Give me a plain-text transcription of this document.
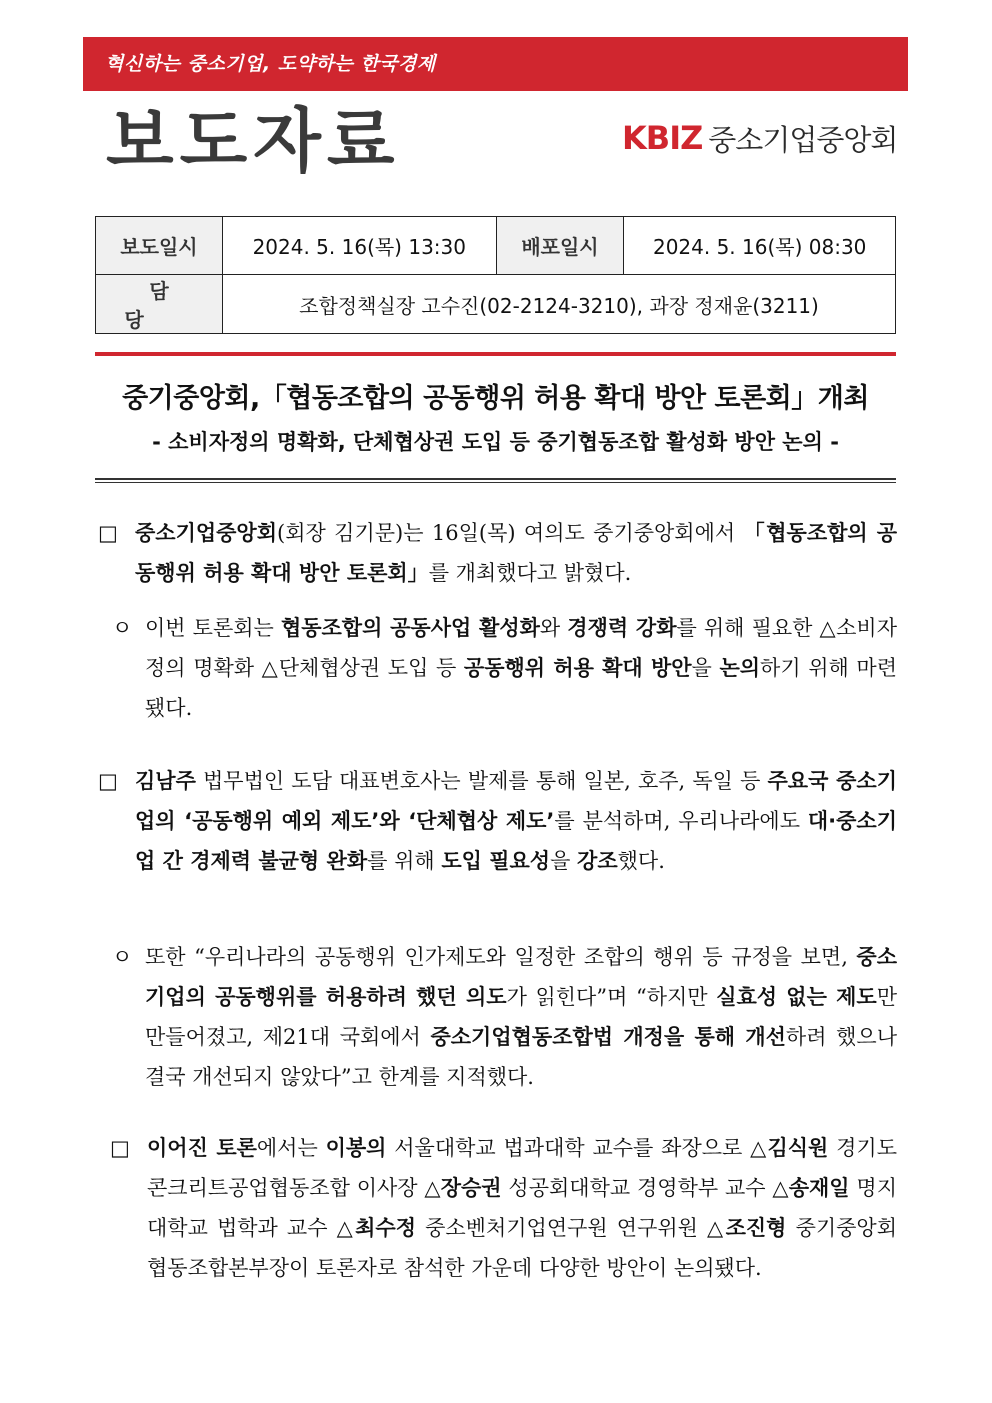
혁신하는 중소기업, 도약하는 한국경제
보도자료	KBIZ 중소기업중앙회
보도일시	2024. 5. 16(목) 13:30	배포일시	2024. 5. 16(목) 08:30
담당	조합정책실장 고수진(02-2124-3210), 과장 정재윤(3211)		
중기중앙회,「협동조합의 공동행위 허용 확대 방안 토론회」개최
- 소비자정의 명확화, 단체협상권 도입 등 중기협동조합 활성화 방안 논의 -
□ 중소기업중앙회(회장 김기문)는 16일(목) 여의도 중기중앙회에서 「협동조합의 공동행위 허용 확대 방안 토론회」를 개최했다고 밝혔다.
ㅇ 이번 토론회는 협동조합의 공동사업 활성화와 경쟁력 강화를 위해 필요한 △소비자정의 명확화 △단체협상권 도입 등 공동행위 허용 확대 방안을 논의하기 위해 마련됐다.
□ 김남주 법무법인 도담 대표변호사는 발제를 통해 일본, 호주, 독일 등 주요국 중소기업의 ‘공동행위 예외 제도’와 ‘단체협상 제도’를 분석하며, 우리나라에도 대·중소기업 간 경제력 불균형 완화를 위해 도입 필요성을 강조했다.
ㅇ 또한 “우리나라의 공동행위 인가제도와 일정한 조합의 행위 등 규정을 보면, 중소기업의 공동행위를 허용하려 했던 의도가 읽힌다”며 “하지만 실효성 없는 제도만 만들어졌고, 제21대 국회에서 중소기업협동조합법 개정을 통해 개선하려 했으나 결국 개선되지 않았다”고 한계를 지적했다.
□ 이어진 토론에서는 이봉의 서울대학교 법과대학 교수를 좌장으로 △김식원 경기도콘크리트공업협동조합 이사장 △장승권 성공회대학교 경영학부 교수 △송재일 명지대학교 법학과 교수 △최수정 중소벤처기업연구원 연구위원 △조진형 중기중앙회 협동조합본부장이 토론자로 참석한 가운데 다양한 방안이 논의됐다.
